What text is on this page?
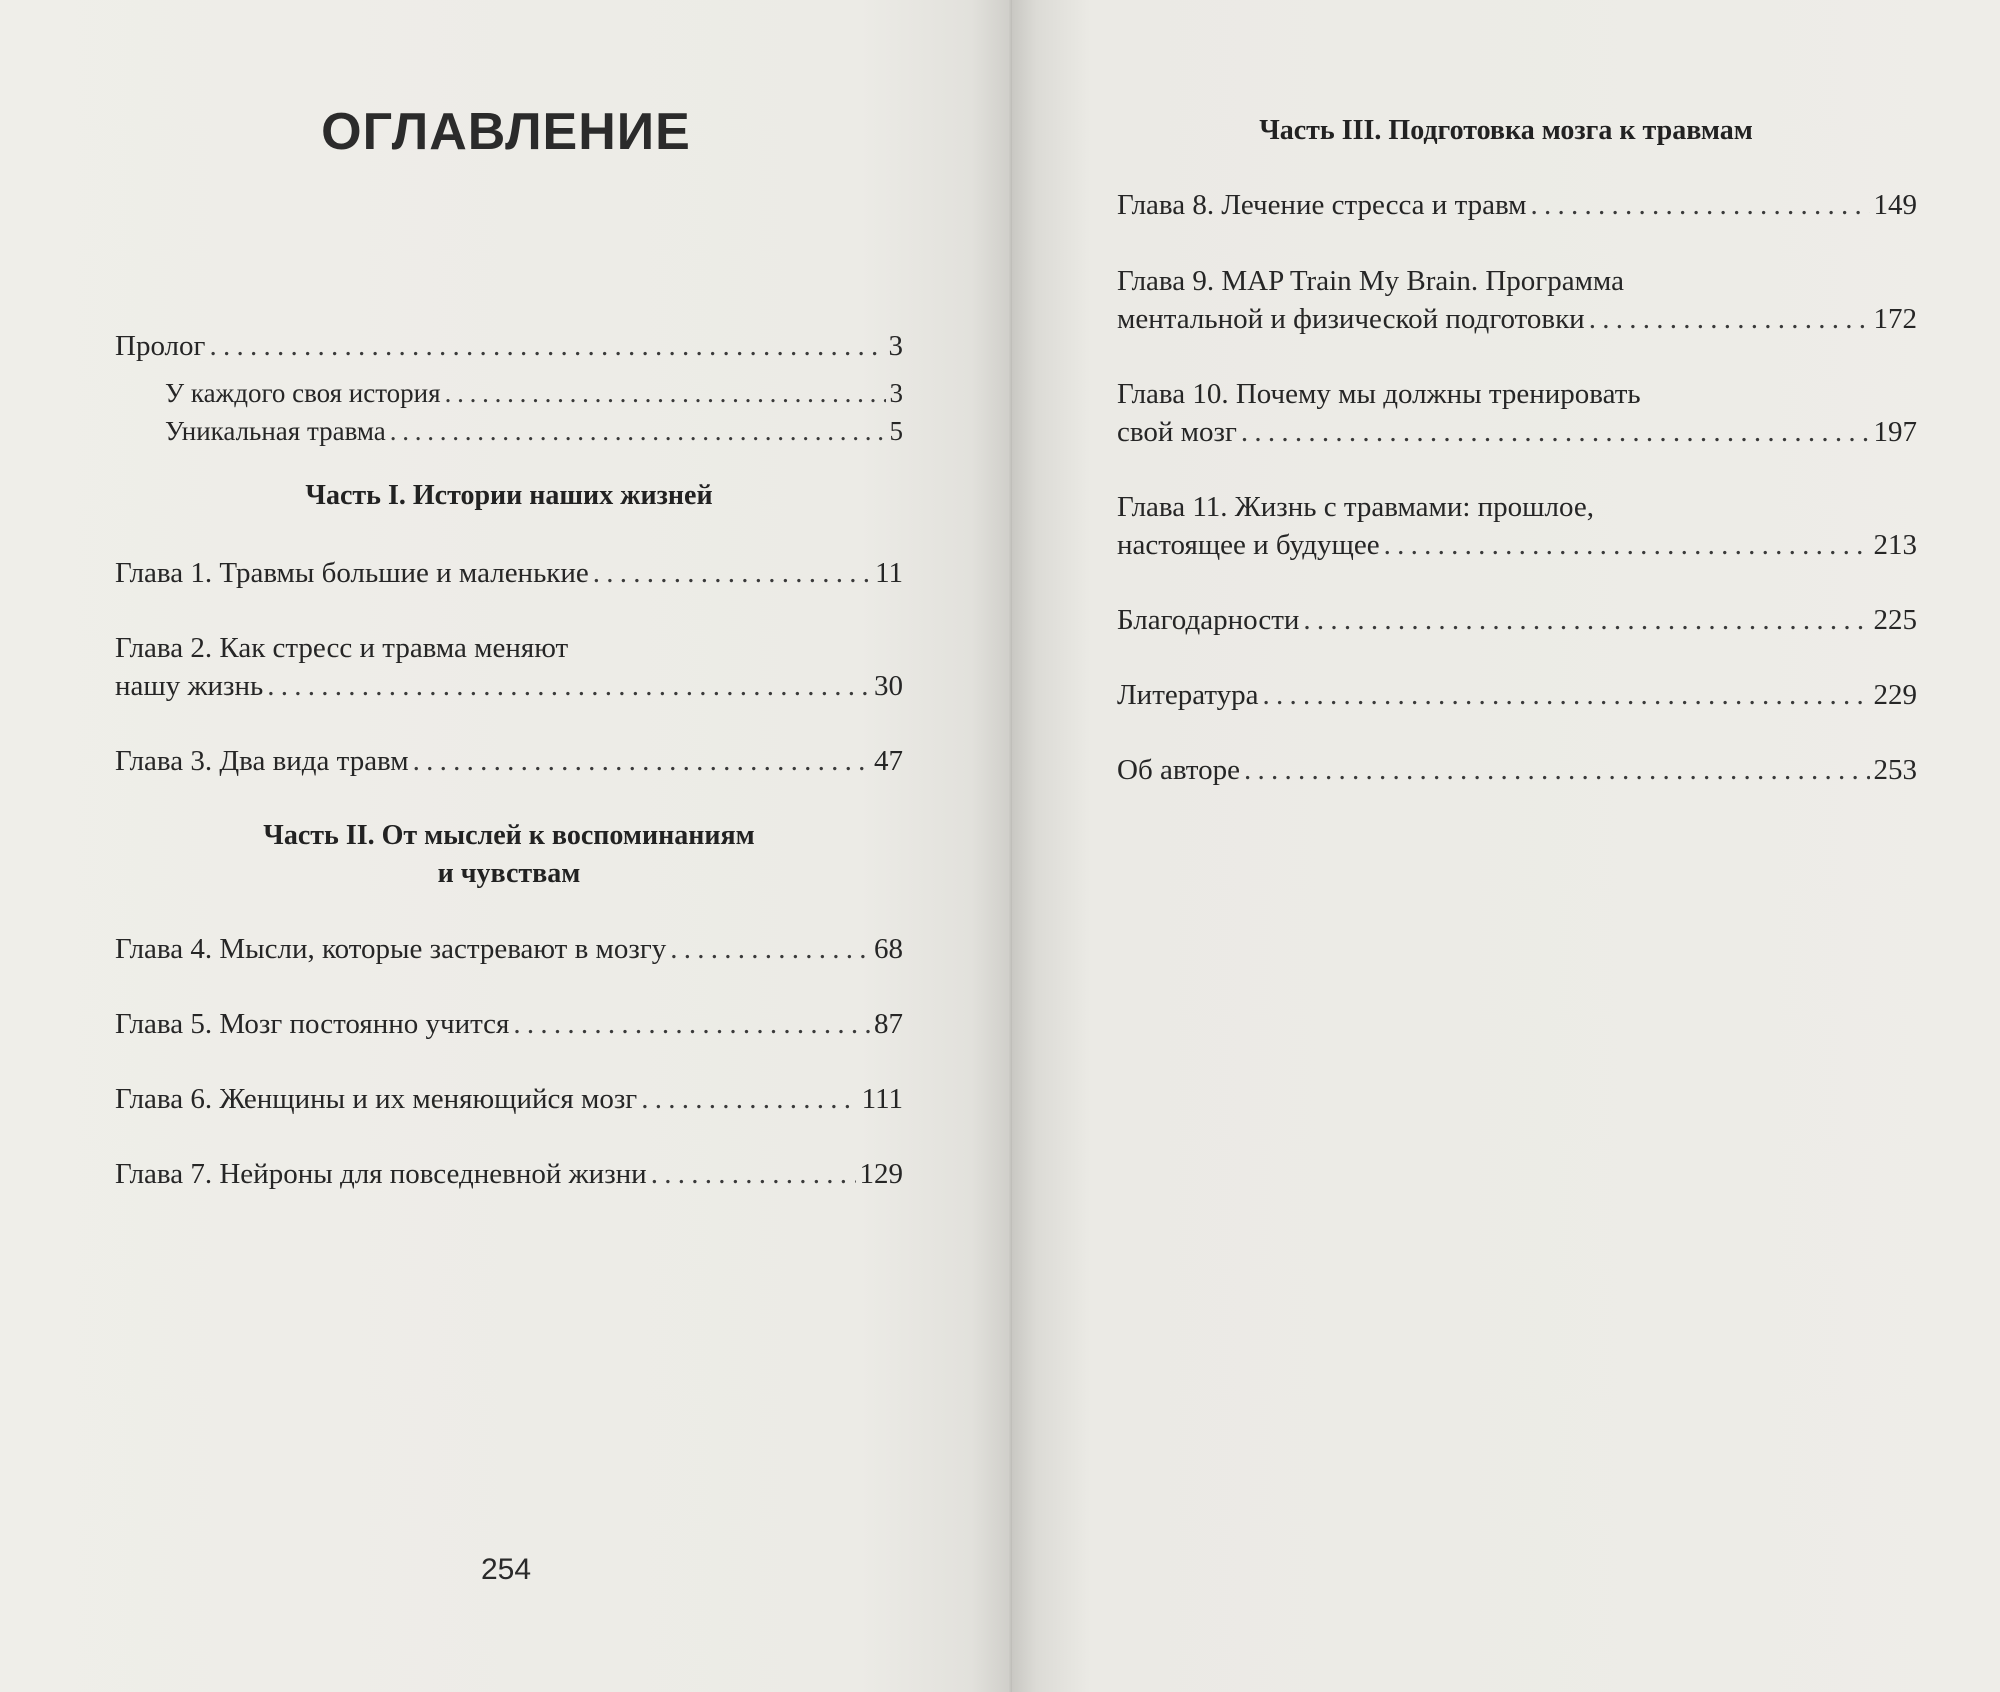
ОГЛАВЛЕНИЕ
Пролог . . .	3
У каждого своя история . . .	3
Уникальная травма . . .	5
Часть I. Истории наших жизней
Глава 1. Травмы большие и маленькие . . .	11
Глава 2. Как стресс и травма меняют
нашу жизнь . . .	30
Глава 3. Два вида травм . . .	47
Часть II. От мыслей к воспоминаниям
и чувствам
Глава 4. Мысли, которые застревают в мозгу . . .	68
Глава 5. Мозг постоянно учится . . .	87
Глава 6. Женщины и их меняющийся мозг . . .	111
Глава 7. Нейроны для повседневной жизни . . .	129
254
Часть III. Подготовка мозга к травмам
Глава 8. Лечение стресса и травм . . .	149
Глава 9. MAP Train My Brain. Программа
ментальной и физической подготовки . . .	172
Глава 10. Почему мы должны тренировать
свой мозг . . .	197
Глава 11. Жизнь с травмами: прошлое,
настоящее и будущее . . .	213
Благодарности . . .	225
Литература . . .	229
Об авторе . . .	253
